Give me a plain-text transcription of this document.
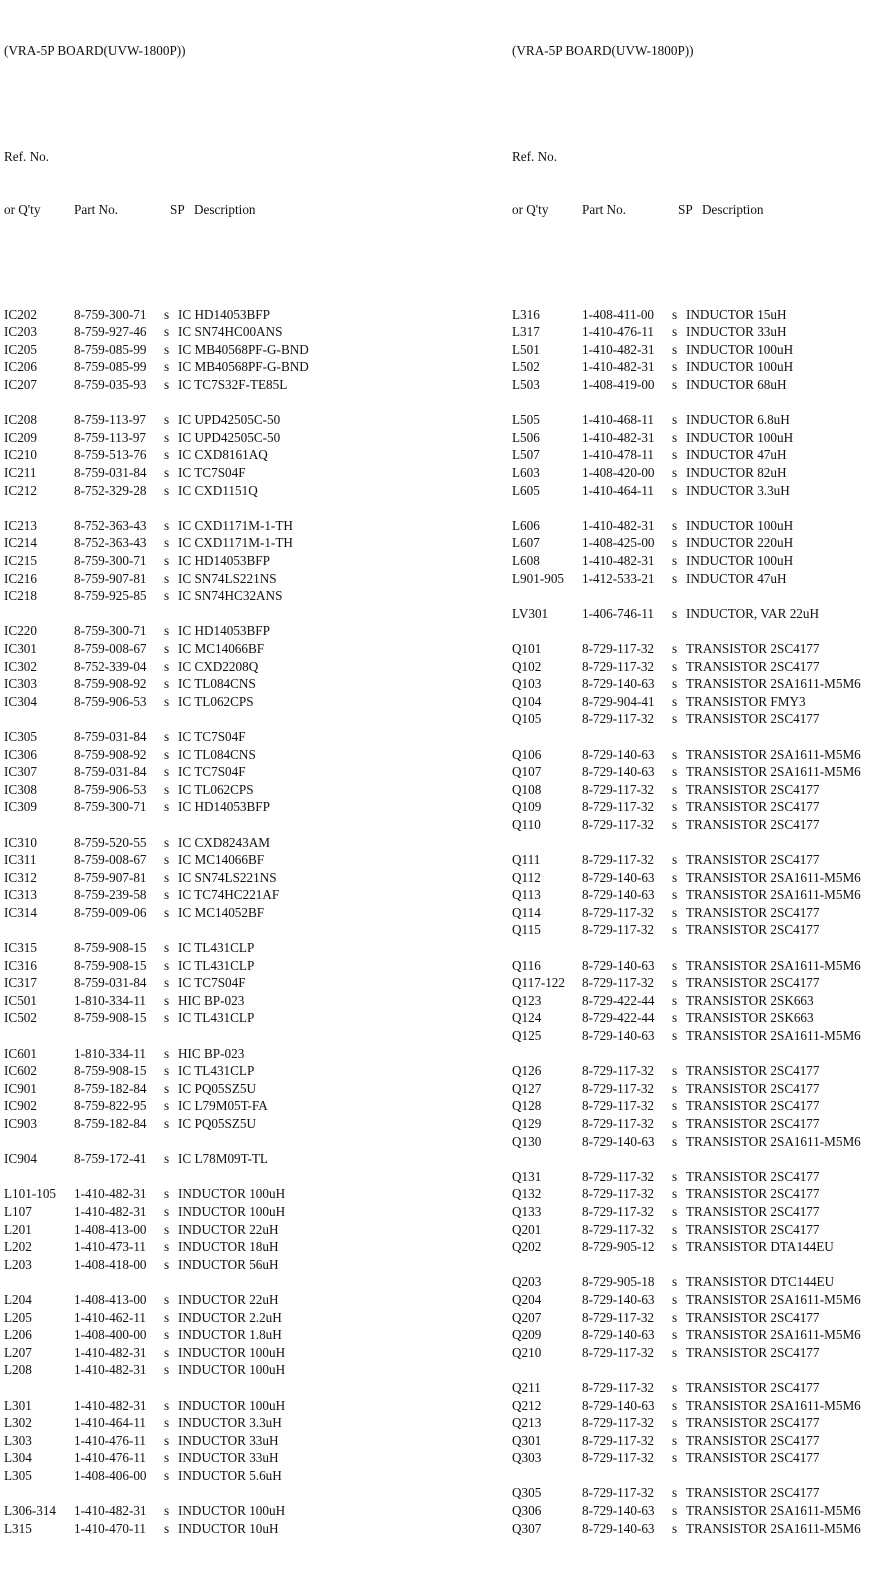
(VRA-5P BOARD(UVW-1800P))

Ref. No.

or Q'ty	Part No.	SP Description

IC202	8-759-300-71	s IC HD14053BFP
IC203	8-759-927-46	s IC SN74HC00ANS
IC205	8-759-085-99	s IC MB40568PF-G-BND
IC206	8-759-085-99	s IC MB40568PF-G-BND
IC207	8-759-035-93	s IC TC7S32F-TE85L
IC208	8-759-113-97	s IC UPD42505C-50
IC209	8-759-113-97	s IC UPD42505C-50
IC210	8-759-513-76	s IC CXD8161AQ
IC211	8-759-031-84	s IC TC7S04F
IC212	8-752-329-28	s IC CXD1151Q
IC213	8-752-363-43	s IC CXD1171M-1-TH
IC214	8-752-363-43	s IC CXD1171M-1-TH
IC215	8-759-300-71	s IC HD14053BFP
IC216	8-759-907-81	s IC SN74LS221NS
IC218	8-759-925-85	s IC SN74HC32ANS
IC220	8-759-300-71	s IC HD14053BFP
IC301	8-759-008-67	s IC MC14066BF
IC302	8-752-339-04	s IC CXD2208Q
IC303	8-759-908-92	s IC TL084CNS
IC304	8-759-906-53	s IC TL062CPS
IC305	8-759-031-84	s IC TC7S04F
IC306	8-759-908-92	s IC TL084CNS
IC307	8-759-031-84	s IC TC7S04F
IC308	8-759-906-53	s IC TL062CPS
IC309	8-759-300-71	s IC HD14053BFP
IC310	8-759-520-55	s IC CXD8243AM
IC311	8-759-008-67	s IC MC14066BF
IC312	8-759-907-81	s IC SN74LS221NS
IC313	8-759-239-58	s IC TC74HC221AF
IC314	8-759-009-06	s IC MC14052BF
IC315	8-759-908-15	s IC TL431CLP
IC316	8-759-908-15	s IC TL431CLP
IC317	8-759-031-84	s IC TC7S04F
IC501	1-810-334-11	s HIC BP-023
IC502	8-759-908-15	s IC TL431CLP
IC601	1-810-334-11	s HIC BP-023
IC602	8-759-908-15	s IC TL431CLP
IC901	8-759-182-84	s IC PQ05SZ5U
IC902	8-759-822-95	s IC L79M05T-FA
IC903	8-759-182-84	s IC PQ05SZ5U
IC904	8-759-172-41	s IC L78M09T-TL
L101-105	1-410-482-31	s INDUCTOR 100uH
L107	1-410-482-31	s INDUCTOR 100uH
L201	1-408-413-00	s INDUCTOR 22uH
L202	1-410-473-11	s INDUCTOR 18uH
L203	1-408-418-00	s INDUCTOR 56uH
L204	1-408-413-00	s INDUCTOR 22uH
L205	1-410-462-11	s INDUCTOR 2.2uH
L206	1-408-400-00	s INDUCTOR 1.8uH
L207	1-410-482-31	s INDUCTOR 100uH
L208	1-410-482-31	s INDUCTOR 100uH
L301	1-410-482-31	s INDUCTOR 100uH
L302	1-410-464-11	s INDUCTOR 3.3uH
L303	1-410-476-11	s INDUCTOR 33uH
L304	1-410-476-11	s INDUCTOR 33uH
L305	1-408-406-00	s INDUCTOR 5.6uH
L306-314	1-410-482-31	s INDUCTOR 100uH
L315	1-410-470-11	s INDUCTOR 10uH

(VRA-5P BOARD(UVW-1800P))

Ref. No.

or Q'ty	Part No.	SP Description

L316	1-408-411-00	s INDUCTOR 15uH
L317	1-410-476-11	s INDUCTOR 33uH
L501	1-410-482-31	s INDUCTOR 100uH
L502	1-410-482-31	s INDUCTOR 100uH
L503	1-408-419-00	s INDUCTOR 68uH
L505	1-410-468-11	s INDUCTOR 6.8uH
L506	1-410-482-31	s INDUCTOR 100uH
L507	1-410-478-11	s INDUCTOR 47uH
L603	1-408-420-00	s INDUCTOR 82uH
L605	1-410-464-11	s INDUCTOR 3.3uH
L606	1-410-482-31	s INDUCTOR 100uH
L607	1-408-425-00	s INDUCTOR 220uH
L608	1-410-482-31	s INDUCTOR 100uH
L901-905	1-412-533-21	s INDUCTOR 47uH
LV301	1-406-746-11	s INDUCTOR, VAR 22uH
Q101	8-729-117-32	s TRANSISTOR 2SC4177
Q102	8-729-117-32	s TRANSISTOR 2SC4177
Q103	8-729-140-63	s TRANSISTOR 2SA1611-M5M6
Q104	8-729-904-41	s TRANSISTOR FMY3
Q105	8-729-117-32	s TRANSISTOR 2SC4177
Q106	8-729-140-63	s TRANSISTOR 2SA1611-M5M6
Q107	8-729-140-63	s TRANSISTOR 2SA1611-M5M6
Q108	8-729-117-32	s TRANSISTOR 2SC4177
Q109	8-729-117-32	s TRANSISTOR 2SC4177
Q110	8-729-117-32	s TRANSISTOR 2SC4177
Q111	8-729-117-32	s TRANSISTOR 2SC4177
Q112	8-729-140-63	s TRANSISTOR 2SA1611-M5M6
Q113	8-729-140-63	s TRANSISTOR 2SA1611-M5M6
Q114	8-729-117-32	s TRANSISTOR 2SC4177
Q115	8-729-117-32	s TRANSISTOR 2SC4177
Q116	8-729-140-63	s TRANSISTOR 2SA1611-M5M6
Q117-122	8-729-117-32	s TRANSISTOR 2SC4177
Q123	8-729-422-44	s TRANSISTOR 2SK663
Q124	8-729-422-44	s TRANSISTOR 2SK663
Q125	8-729-140-63	s TRANSISTOR 2SA1611-M5M6
Q126	8-729-117-32	s TRANSISTOR 2SC4177
Q127	8-729-117-32	s TRANSISTOR 2SC4177
Q128	8-729-117-32	s TRANSISTOR 2SC4177
Q129	8-729-117-32	s TRANSISTOR 2SC4177
Q130	8-729-140-63	s TRANSISTOR 2SA1611-M5M6
Q131	8-729-117-32	s TRANSISTOR 2SC4177
Q132	8-729-117-32	s TRANSISTOR 2SC4177
Q133	8-729-117-32	s TRANSISTOR 2SC4177
Q201	8-729-117-32	s TRANSISTOR 2SC4177
Q202	8-729-905-12	s TRANSISTOR DTA144EU
Q203	8-729-905-18	s TRANSISTOR DTC144EU
Q204	8-729-140-63	s TRANSISTOR 2SA1611-M5M6
Q207	8-729-117-32	s TRANSISTOR 2SC4177
Q209	8-729-140-63	s TRANSISTOR 2SA1611-M5M6
Q210	8-729-117-32	s TRANSISTOR 2SC4177
Q211	8-729-117-32	s TRANSISTOR 2SC4177
Q212	8-729-140-63	s TRANSISTOR 2SA1611-M5M6
Q213	8-729-117-32	s TRANSISTOR 2SC4177
Q301	8-729-117-32	s TRANSISTOR 2SC4177
Q303	8-729-117-32	s TRANSISTOR 2SC4177
Q305	8-729-117-32	s TRANSISTOR 2SC4177
Q306	8-729-140-63	s TRANSISTOR 2SA1611-M5M6
Q307	8-729-140-63	s TRANSISTOR 2SA1611-M5M6
